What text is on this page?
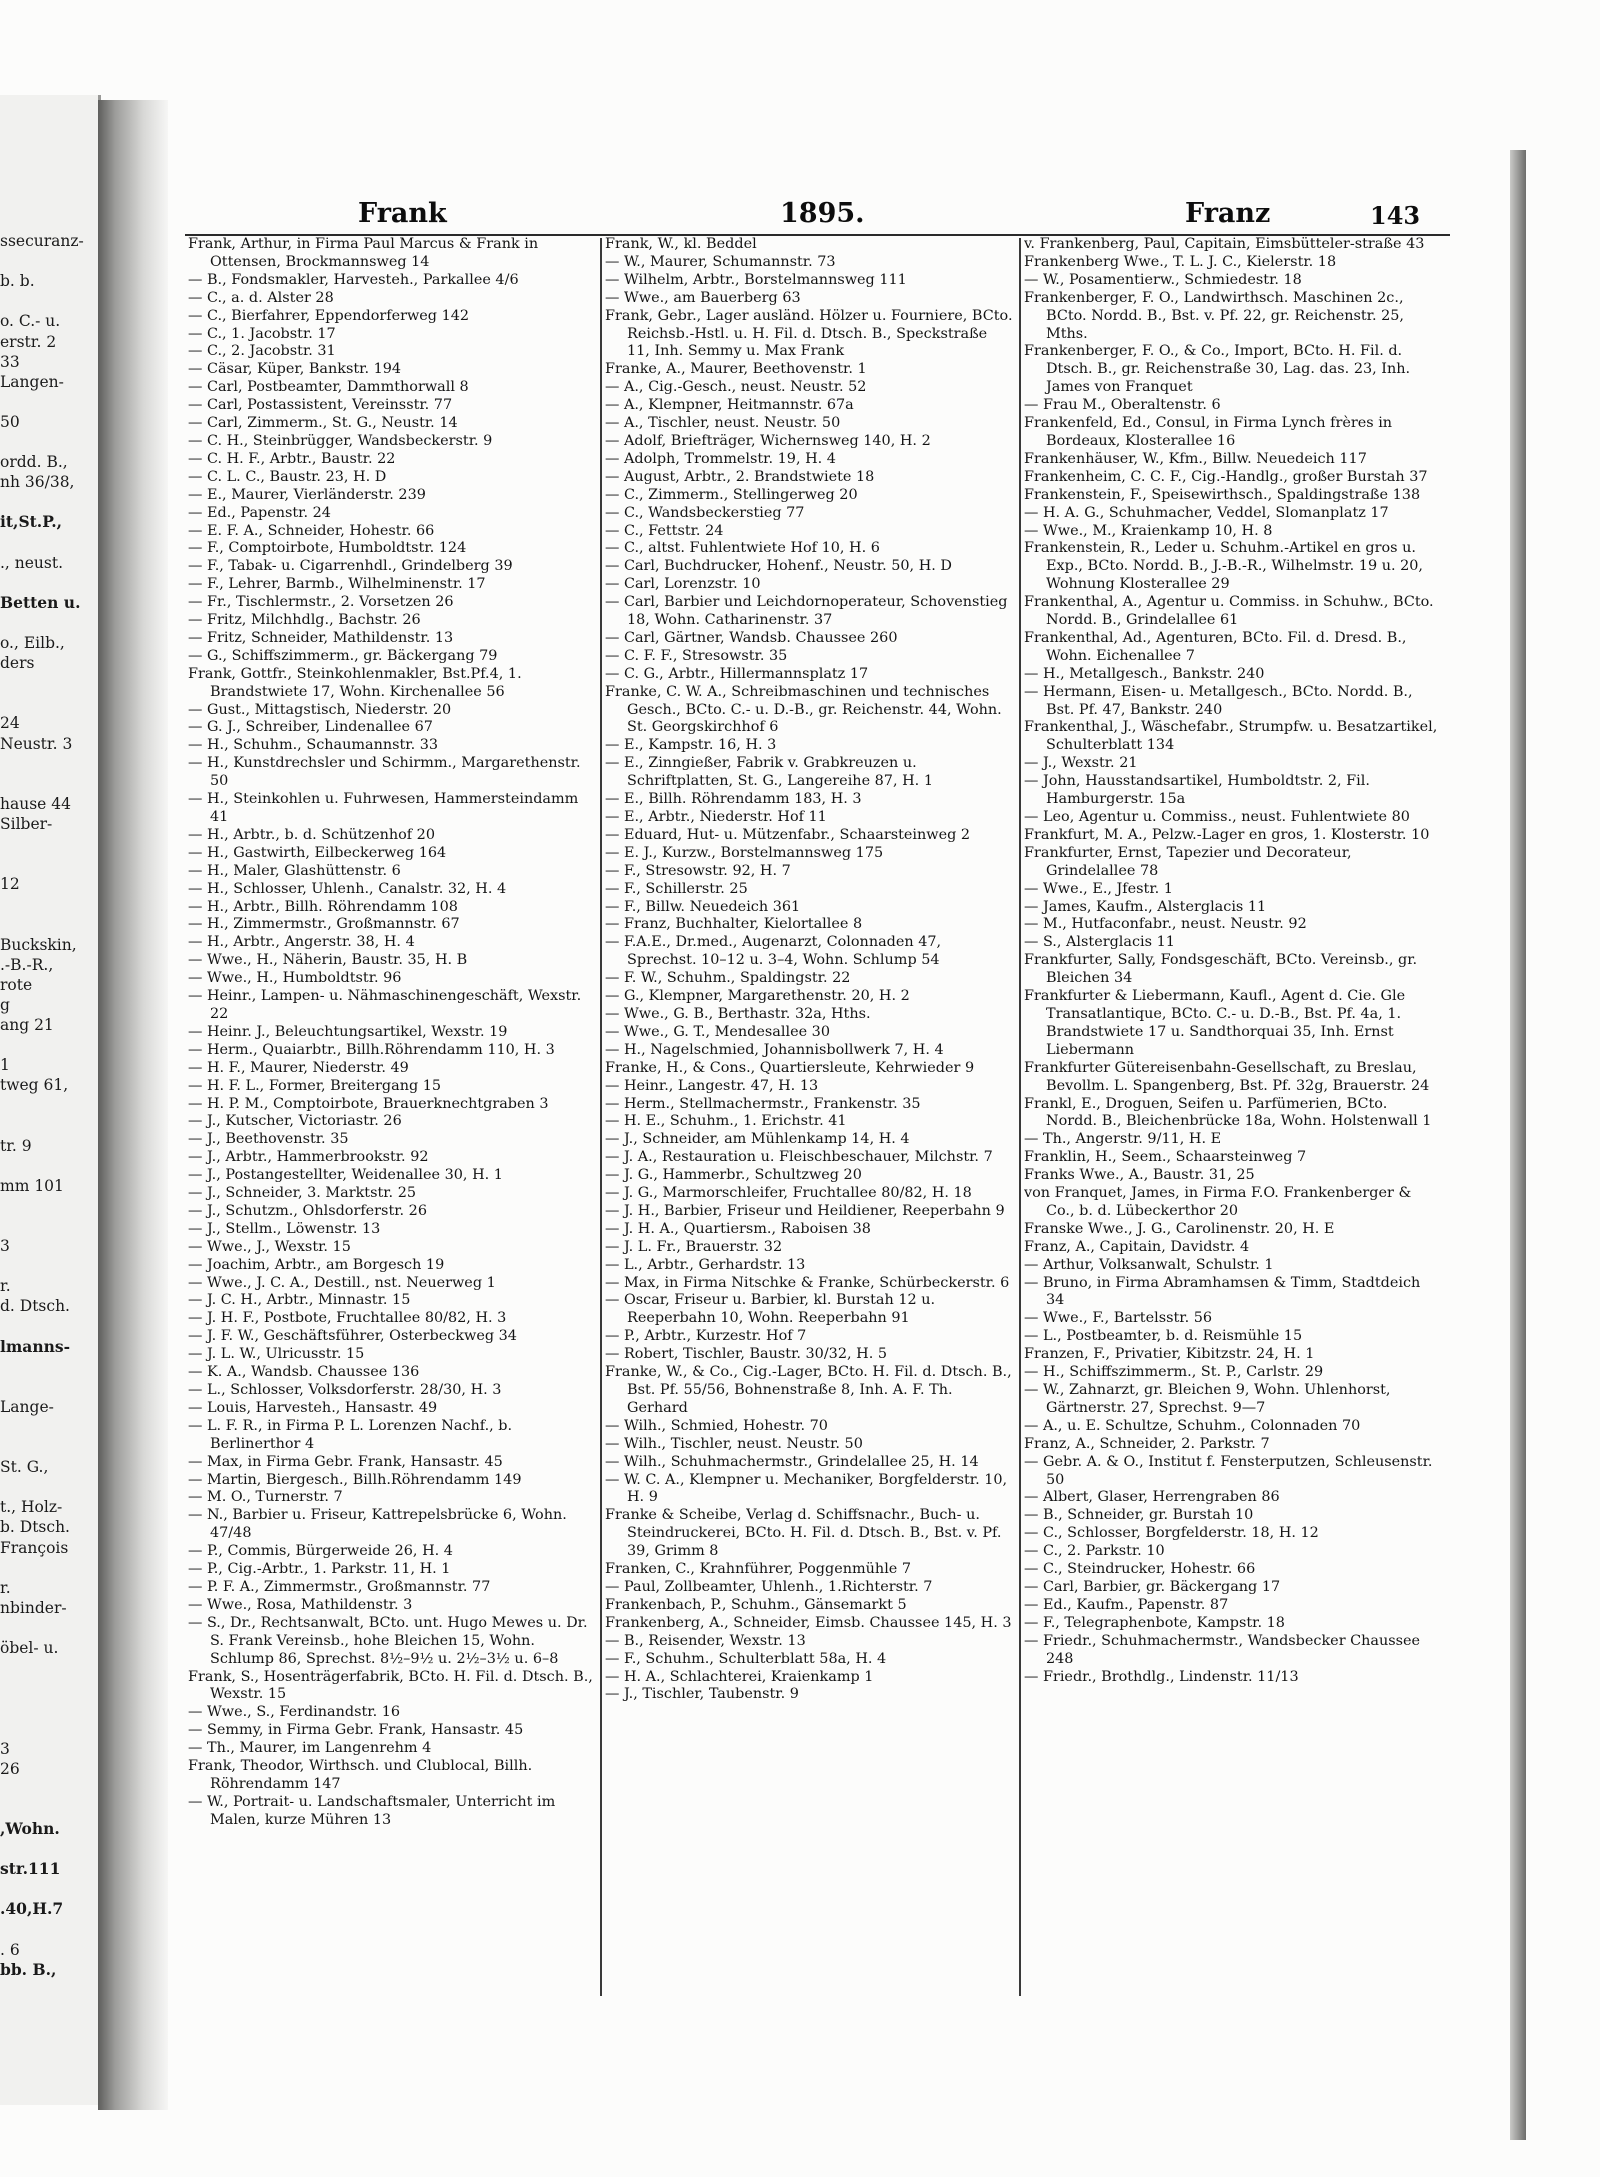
Frank	1895.	Franz	143
Frank, Arthur, in Firma Paul Marcus & Frank in Ottensen, Brockmannsweg 14
— B., Fondsmakler, Harvesteh., Parkallee 4/6
— C., a. d. Alster 28
— C., Bierfahrer, Eppendorferweg 142
— C., 1. Jacobstr. 17
— C., 2. Jacobstr. 31
— Cäsar, Küper, Bankstr. 194
— Carl, Postbeamter, Dammthorwall 8
— Carl, Postassistent, Vereinsstr. 77
— Carl, Zimmerm., St. G., Neustr. 14
— C. H., Steinbrügger, Wandsbeckerstr. 9
— C. H. F., Arbtr., Baustr. 22
— C. L. C., Baustr. 23, H. D
— E., Maurer, Vierländerstr. 239
— Ed., Papenstr. 24
— E. F. A., Schneider, Hohestr. 66
— F., Comptoirbote, Humboldtstr. 124
— F., Tabak- u. Cigarrenhdl., Grindelberg 39
— F., Lehrer, Barmb., Wilhelminenstr. 17
— Fr., Tischlermstr., 2. Vorsetzen 26
— Fritz, Milchhdlg., Bachstr. 26
— Fritz, Schneider, Mathildenstr. 13
— G., Schiffszimmerm., gr. Bäckergang 79
Frank, Gottfr., Steinkohlenmakler, Bst.Pf.4, 1. Brandstwiete 17, Wohn. Kirchenallee 56
— Gust., Mittagstisch, Niederstr. 20
— G. J., Schreiber, Lindenallee 67
— H., Schuhm., Schaumannstr. 33
— H., Kunstdrechsler und Schirmm., Margarethenstr. 50
— H., Steinkohlen u. Fuhrwesen, Hammersteindamm 41
— H., Arbtr., b. d. Schützenhof 20
— H., Gastwirth, Eilbeckerweg 164
— H., Maler, Glashüttenstr. 6
— H., Schlosser, Uhlenh., Canalstr. 32, H. 4
— H., Arbtr., Billh. Röhrendamm 108
— H., Zimmermstr., Großmannstr. 67
— H., Arbtr., Angerstr. 38, H. 4
— Wwe., H., Näherin, Baustr. 35, H. B
— Wwe., H., Humboldtstr. 96
— Heinr., Lampen- u. Nähmaschinengeschäft, Wexstr. 22
— Heinr. J., Beleuchtungsartikel, Wexstr. 19
— Herm., Quaiarbtr., Billh.Röhrendamm 110, H. 3
— H. F., Maurer, Niederstr. 49
— H. F. L., Former, Breitergang 15
— H. P. M., Comptoirbote, Brauerknechtgraben 3
— J., Kutscher, Victoriastr. 26
— J., Beethovenstr. 35
— J., Arbtr., Hammerbrookstr. 92
— J., Postangestellter, Weidenallee 30, H. 1
— J., Schneider, 3. Marktstr. 25
— J., Schutzm., Ohlsdorferstr. 26
— J., Stellm., Löwenstr. 13
— Wwe., J., Wexstr. 15
— Joachim, Arbtr., am Borgesch 19
— Wwe., J. C. A., Destill., nst. Neuerweg 1
— J. C. H., Arbtr., Minnastr. 15
— J. H. F., Postbote, Fruchtallee 80/82, H. 3
— J. F. W., Geschäftsführer, Osterbeckweg 34
— J. L. W., Ulricusstr. 15
— K. A., Wandsb. Chaussee 136
— L., Schlosser, Volksdorferstr. 28/30, H. 3
— Louis, Harvesteh., Hansastr. 49
— L. F. R., in Firma P. L. Lorenzen Nachf., b. Berlinerthor 4
— Max, in Firma Gebr. Frank, Hansastr. 45
— Martin, Biergesch., Billh.Röhrendamm 149
— M. O., Turnerstr. 7
— N., Barbier u. Friseur, Kattrepelsbrücke 6, Wohn. 47/48
— P., Commis, Bürgerweide 26, H. 4
— P., Cig.-Arbtr., 1. Parkstr. 11, H. 1
— P. F. A., Zimmermstr., Großmannstr. 77
— Wwe., Rosa, Mathildenstr. 3
— S., Dr., Rechtsanwalt, BCto. unt. Hugo Mewes u. Dr. S. Frank Vereinsb., hohe Bleichen 15, Wohn. Schlump 86, Sprechst. 8½–9½ u. 2½–3½ u. 6–8
Frank, S., Hosenträgerfabrik, BCto. H. Fil. d. Dtsch. B., Wexstr. 15
— Wwe., S., Ferdinandstr. 16
— Semmy, in Firma Gebr. Frank, Hansastr. 45
— Th., Maurer, im Langenrehm 4
Frank, Theodor, Wirthsch. und Clublocal, Billh. Röhrendamm 147
— W., Portrait- u. Landschaftsmaler, Unterricht im Malen, kurze Mühren 13
Frank, W., kl. Beddel
— W., Maurer, Schumannstr. 73
— Wilhelm, Arbtr., Borstelmannsweg 111
— Wwe., am Bauerberg 63
Frank, Gebr., Lager ausländ. Hölzer u. Fourniere, BCto. Reichsb.-Hstl. u. H. Fil. d. Dtsch. B., Speckstraße 11, Inh. Semmy u. Max Frank
Franke, A., Maurer, Beethovenstr. 1
— A., Cig.-Gesch., neust. Neustr. 52
— A., Klempner, Heitmannstr. 67a
— A., Tischler, neust. Neustr. 50
— Adolf, Briefträger, Wichernsweg 140, H. 2
— Adolph, Trommelstr. 19, H. 4
— August, Arbtr., 2. Brandstwiete 18
— C., Zimmerm., Stellingerweg 20
— C., Wandsbeckerstieg 77
— C., Fettstr. 24
— C., altst. Fuhlentwiete Hof 10, H. 6
— Carl, Buchdrucker, Hohenf., Neustr. 50, H. D
— Carl, Lorenzstr. 10
— Carl, Barbier und Leichdornoperateur, Schovenstieg 18, Wohn. Catharinenstr. 37
— Carl, Gärtner, Wandsb. Chaussee 260
— C. F. F., Stresowstr. 35
— C. G., Arbtr., Hillermannsplatz 17
Franke, C. W. A., Schreibmaschinen und technisches Gesch., BCto. C.- u. D.-B., gr. Reichenstr. 44, Wohn. St. Georgskirchhof 6
— E., Kampstr. 16, H. 3
— E., Zinngießer, Fabrik v. Grabkreuzen u. Schriftplatten, St. G., Langereihe 87, H. 1
— E., Billh. Röhrendamm 183, H. 3
— E., Arbtr., Niederstr. Hof 11
— Eduard, Hut- u. Mützenfabr., Schaarsteinweg 2
— E. J., Kurzw., Borstelmannsweg 175
— F., Stresowstr. 92, H. 7
— F., Schillerstr. 25
— F., Billw. Neuedeich 361
— Franz, Buchhalter, Kielortallee 8
— F.A.E., Dr.med., Augenarzt, Colonnaden 47, Sprechst. 10–12 u. 3–4, Wohn. Schlump 54
— F. W., Schuhm., Spaldingstr. 22
— G., Klempner, Margarethenstr. 20, H. 2
— Wwe., G. B., Berthastr. 32a, Hths.
— Wwe., G. T., Mendesallee 30
— H., Nagelschmied, Johannisbollwerk 7, H. 4
Franke, H., & Cons., Quartiersleute, Kehrwieder 9
— Heinr., Langestr. 47, H. 13
— Herm., Stellmachermstr., Frankenstr. 35
— H. E., Schuhm., 1. Erichstr. 41
— J., Schneider, am Mühlenkamp 14, H. 4
— J. A., Restauration u. Fleischbeschauer, Milchstr. 7
— J. G., Hammerbr., Schultzweg 20
— J. G., Marmorschleifer, Fruchtallee 80/82, H. 18
— J. H., Barbier, Friseur und Heildiener, Reeperbahn 9
— J. H. A., Quartiersm., Raboisen 38
— J. L. Fr., Brauerstr. 32
— L., Arbtr., Gerhardstr. 13
— Max, in Firma Nitschke & Franke, Schürbeckerstr. 6
— Oscar, Friseur u. Barbier, kl. Burstah 12 u. Reeperbahn 10, Wohn. Reeperbahn 91
— P., Arbtr., Kurzestr. Hof 7
— Robert, Tischler, Baustr. 30/32, H. 5
Franke, W., & Co., Cig.-Lager, BCto. H. Fil. d. Dtsch. B., Bst. Pf. 55/56, Bohnenstraße 8, Inh. A. F. Th. Gerhard
— Wilh., Schmied, Hohestr. 70
— Wilh., Tischler, neust. Neustr. 50
— Wilh., Schuhmachermstr., Grindelallee 25, H. 14
— W. C. A., Klempner u. Mechaniker, Borgfelderstr. 10, H. 9
Franke & Scheibe, Verlag d. Schiffsnachr., Buch- u. Steindruckerei, BCto. H. Fil. d. Dtsch. B., Bst. v. Pf. 39, Grimm 8
Franken, C., Krahnführer, Poggenmühle 7
— Paul, Zollbeamter, Uhlenh., 1.Richterstr. 7
Frankenbach, P., Schuhm., Gänsemarkt 5
Frankenberg, A., Schneider, Eimsb. Chaussee 145, H. 3
— B., Reisender, Wexstr. 13
— F., Schuhm., Schulterblatt 58a, H. 4
— H. A., Schlachterei, Kraienkamp 1
— J., Tischler, Taubenstr. 9
v. Frankenberg, Paul, Capitain, Eimsbütteler-straße 43
Frankenberg Wwe., T. L. J. C., Kielerstr. 18
— W., Posamentierw., Schmiedestr. 18
Frankenberger, F. O., Landwirthsch. Maschinen 2c., BCto. Nordd. B., Bst. v. Pf. 22, gr. Reichenstr. 25, Mths.
Frankenberger, F. O., & Co., Import, BCto. H. Fil. d. Dtsch. B., gr. Reichenstraße 30, Lag. das. 23, Inh. James von Franquet
— Frau M., Oberaltenstr. 6
Frankenfeld, Ed., Consul, in Firma Lynch frères in Bordeaux, Klosterallee 16
Frankenhäuser, W., Kfm., Billw. Neuedeich 117
Frankenheim, C. C. F., Cig.-Handlg., großer Burstah 37
Frankenstein, F., Speisewirthsch., Spaldingstraße 138
— H. A. G., Schuhmacher, Veddel, Slomanplatz 17
— Wwe., M., Kraienkamp 10, H. 8
Frankenstein, R., Leder u. Schuhm.-Artikel en gros u. Exp., BCto. Nordd. B., J.-B.-R., Wilhelmstr. 19 u. 20, Wohnung Klosterallee 29
Frankenthal, A., Agentur u. Commiss. in Schuhw., BCto. Nordd. B., Grindelallee 61
Frankenthal, Ad., Agenturen, BCto. Fil. d. Dresd. B., Wohn. Eichenallee 7
— H., Metallgesch., Bankstr. 240
— Hermann, Eisen- u. Metallgesch., BCto. Nordd. B., Bst. Pf. 47, Bankstr. 240
Frankenthal, J., Wäschefabr., Strumpfw. u. Besatzartikel, Schulterblatt 134
— J., Wexstr. 21
— John, Hausstandsartikel, Humboldtstr. 2, Fil. Hamburgerstr. 15a
— Leo, Agentur u. Commiss., neust. Fuhlentwiete 80
Frankfurt, M. A., Pelzw.-Lager en gros, 1. Klosterstr. 10
Frankfurter, Ernst, Tapezier und Decorateur, Grindelallee 78
— Wwe., E., Jfestr. 1
— James, Kaufm., Alsterglacis 11
— M., Hutfaconfabr., neust. Neustr. 92
— S., Alsterglacis 11
Frankfurter, Sally, Fondsgeschäft, BCto. Vereinsb., gr. Bleichen 34
Frankfurter & Liebermann, Kaufl., Agent d. Cie. Gle Transatlantique, BCto. C.- u. D.-B., Bst. Pf. 4a, 1. Brandstwiete 17 u. Sandthorquai 35, Inh. Ernst Liebermann
Frankfurter Gütereisenbahn-Gesellschaft, zu Breslau, Bevollm. L. Spangenberg, Bst. Pf. 32g, Brauerstr. 24
Frankl, E., Droguen, Seifen u. Parfümerien, BCto. Nordd. B., Bleichenbrücke 18a, Wohn. Holstenwall 1
— Th., Angerstr. 9/11, H. E
Franklin, H., Seem., Schaarsteinweg 7
Franks Wwe., A., Baustr. 31, 25
von Franquet, James, in Firma F.O. Frankenberger & Co., b. d. Lübeckerthor 20
Franske Wwe., J. G., Carolinenstr. 20, H. E
Franz, A., Capitain, Davidstr. 4
— Arthur, Volksanwalt, Schulstr. 1
— Bruno, in Firma Abramhamsen & Timm, Stadtdeich 34
— Wwe., F., Bartelsstr. 56
— L., Postbeamter, b. d. Reismühle 15
Franzen, F., Privatier, Kibitzstr. 24, H. 1
— H., Schiffszimmerm., St. P., Carlstr. 29
— W., Zahnarzt, gr. Bleichen 9, Wohn. Uhlenhorst, Gärtnerstr. 27, Sprechst. 9—7
— A., u. E. Schultze, Schuhm., Colonnaden 70
Franz, A., Schneider, 2. Parkstr. 7
— Gebr. A. & O., Institut f. Fensterputzen, Schleusenstr. 50
— Albert, Glaser, Herrengraben 86
— B., Schneider, gr. Burstah 10
— C., Schlosser, Borgfelderstr. 18, H. 12
— C., 2. Parkstr. 10
— C., Steindrucker, Hohestr. 66
— Carl, Barbier, gr. Bäckergang 17
— Ed., Kaufm., Papenstr. 87
— F., Telegraphenbote, Kampstr. 18
— Friedr., Schuhmachermstr., Wandsbecker Chaussee 248
— Friedr., Brothdlg., Lindenstr. 11/13
ssecuranz-
b. b.
o. C.- u.
erstr. 2
33
Langen-
50
ordd. B.,
nh 36/38,
it,St.P.,
., neust.
Betten u.
o., Eilb.,
ders
24
Neustr. 3
hause 44
Silber-
12
Buckskin,
.-B.-R.,
rote
g
ang 21
1
tweg 61,
tr. 9
mm 101
3
r.
d. Dtsch.
lmanns-
Lange-
St. G.,
t., Holz-
b. Dtsch.
François
r.
nbinder-
öbel- u.
3
26
,Wohn.
str.111
.40,H.7
. 6
bb. B.,
